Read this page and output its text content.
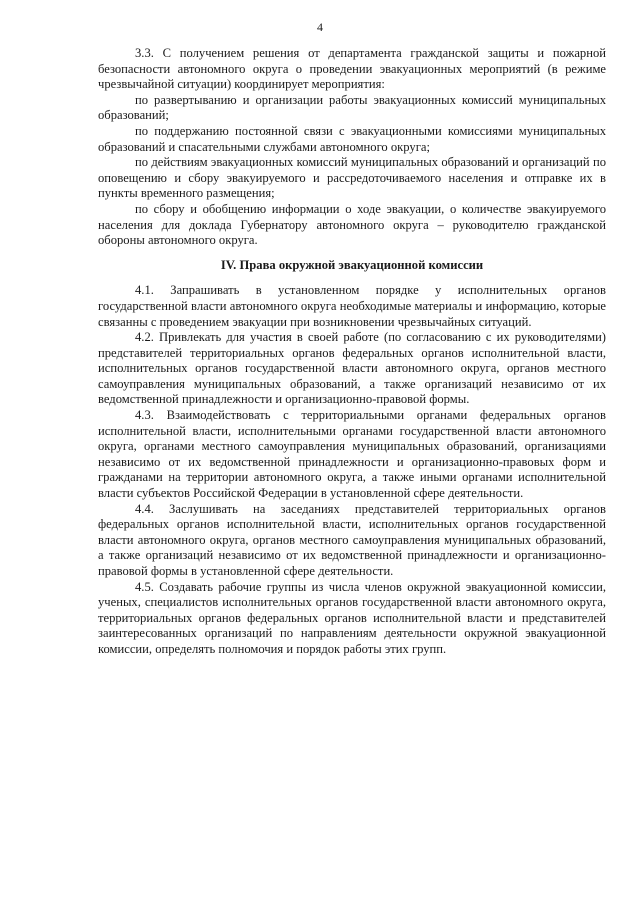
4

3.3. С получением решения от департамента гражданской защиты и пожарной безопасности автономного округа о проведении эвакуационных мероприятий (в режиме чрезвычайной ситуации) координирует мероприятия:

по развертыванию и организации работы эвакуационных комиссий муниципальных образований;

по поддержанию постоянной связи с эвакуационными комиссиями муниципальных образований и спасательными службами автономного округа;

по действиям эвакуационных комиссий муниципальных образований и организаций по оповещению и сбору эвакуируемого и рассредоточиваемого населения и отправке их в пункты временного размещения;

по сбору и обобщению информации о ходе эвакуации, о количестве эвакуируемого населения для доклада Губернатору автономного округа – руководителю гражданской обороны автономного округа.

IV. Права окружной эвакуационной комиссии

4.1. Запрашивать в установленном порядке у исполнительных органов государственной власти автономного округа необходимые материалы и информацию, которые связанны с проведением эвакуации при возникновении чрезвычайных ситуаций.

4.2. Привлекать для участия в своей работе (по согласованию с их руководителями) представителей территориальных органов федеральных органов исполнительной власти, исполнительных органов государственной власти автономного округа, органов местного самоуправления муниципальных образований, а также организаций независимо от их ведомственной принадлежности и организационно-правовой формы.

4.3. Взаимодействовать с территориальными органами федеральных органов исполнительной власти, исполнительными органами государственной власти автономного округа, органами местного самоуправления муниципальных образований, организациями независимо от их ведомственной принадлежности и организационно-правовых форм и гражданами на территории автономного округа, а также иными органами исполнительной власти субъектов Российской Федерации в установленной сфере деятельности.

4.4. Заслушивать на заседаниях представителей территориальных органов федеральных органов исполнительной власти, исполнительных органов государственной власти автономного округа, органов местного самоуправления муниципальных образований, а также организаций независимо от их ведомственной принадлежности и организационно-правовой формы в установленной сфере деятельности.

4.5. Создавать рабочие группы из числа членов окружной эвакуационной комиссии, ученых, специалистов исполнительных органов государственной власти автономного округа, территориальных органов федеральных органов исполнительной власти и представителей заинтересованных организаций по направлениям деятельности окружной эвакуационной комиссии, определять полномочия и порядок работы этих групп.
